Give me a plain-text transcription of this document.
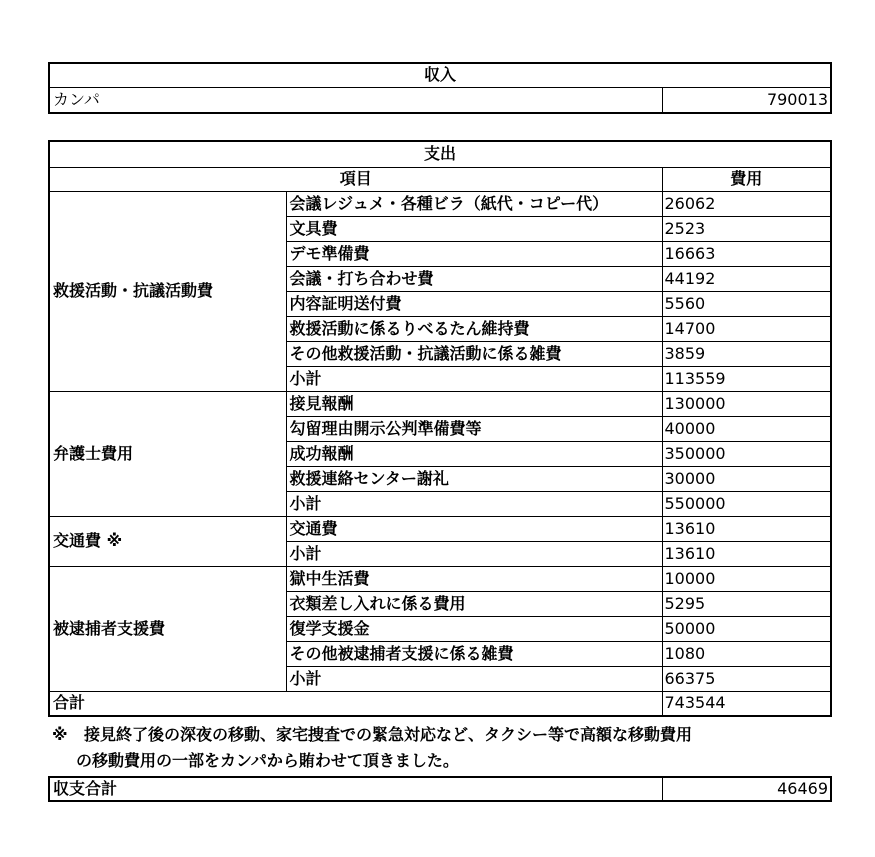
収入
カンパ	790013
支出		
項目		費用
救援活動・抗議活動費	会議レジュメ・各種ビラ（紙代・コピー代）	26062
	文具費	2523
	デモ準備費	16663
	会議・打ち合わせ費	44192
	内容証明送付費	5560
	救援活動に係るりべるたん維持費	14700
	その他救援活動・抗議活動に係る雑費	3859
	小計	113559
弁護士費用	接見報酬	130000
	勾留理由開示公判準備費等	40000
	成功報酬	350000
	救援連絡センター謝礼	30000
	小計	550000
交通費 ※	交通費	13610
	小計	13610
被逮捕者支援費	獄中生活費	10000
	衣類差し入れに係る費用	5295
	復学支援金	50000
	その他被逮捕者支援に係る雑費	1080
	小計	66375
合計		743544
※ 接見終了後の深夜の移動、家宅捜査での緊急対応など、タクシー等で高額な移動費用
の移動費用の一部をカンパから賄わせて頂きました。
収支合計	46469
